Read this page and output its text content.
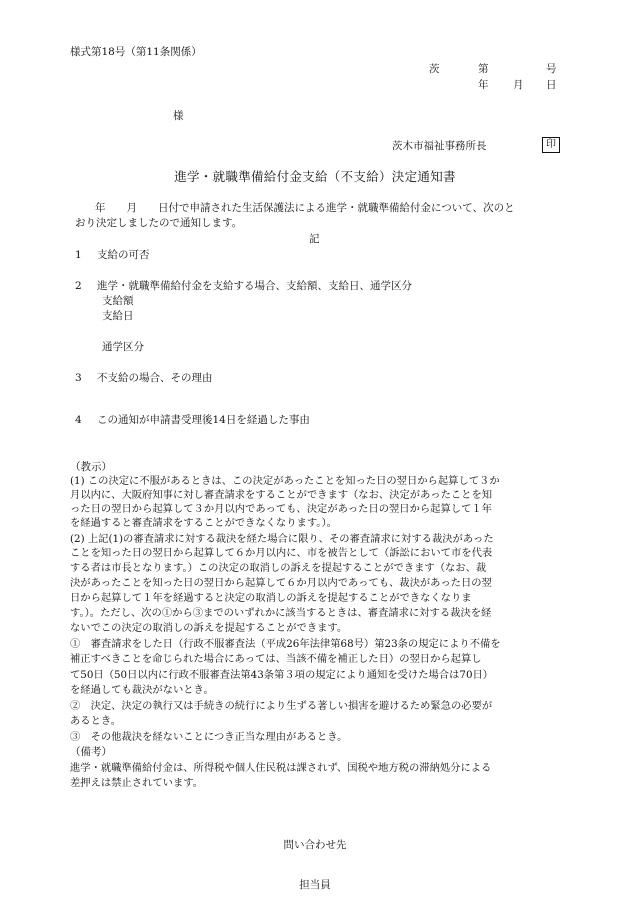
様式第18号（第11条関係）
茨	第	号
年 月 日
様
茨木市福祉事務所長	印
進学・就職準備給付金支給（不支給）決定通知書
年　　月　　日付で申請された生活保護法による進学・就職準備給付金について、次のと
おり決定しましたので通知します。
記
1 支給の可否
2 進学・就職準備給付金を支給する場合、支給額、支給日、通学区分
支給額
支給日
通学区分
3 不支給の場合、その理由
4 この通知が申請書受理後14日を経過した事由
（教示）
(1) この決定に不服があるときは、この決定があったことを知った日の翌日から起算して３か
月以内に、大阪府知事に対し審査請求をすることができます（なお、決定があったことを知
った日の翌日から起算して３か月以内であっても、決定があった日の翌日から起算して１年
を経過すると審査請求をすることができなくなります。）。
(2) 上記(1)の審査請求に対する裁決を経た場合に限り、その審査請求に対する裁決があった
ことを知った日の翌日から起算して６か月以内に、市を被告として（訴訟において市を代表
する者は市長となります。）この決定の取消しの訴えを提起することができます（なお、裁
決があったことを知った日の翌日から起算して６か月以内であっても、裁決があった日の翌
日から起算して１年を経過すると決定の取消しの訴えを提起することができなくなりま
す。）。ただし、次の①から③までのいずれかに該当するときは、審査請求に対する裁決を経
ないでこの決定の取消しの訴えを提起することができます。
①　審査請求をした日（行政不服審査法（平成26年法律第68号）第23条の規定により不備を
補正すべきことを命じられた場合にあっては、当該不備を補正した日）の翌日から起算し
て50日（50日以内に行政不服審査法第43条第３項の規定により通知を受けた場合は70日）
を経過しても裁決がないとき。
②　決定、決定の執行又は手続きの続行により生ずる著しい損害を避けるため緊急の必要が
あるとき。
③　その他裁決を経ないことにつき正当な理由があるとき。
（備考）
進学・就職準備給付金は、所得税や個人住民税は課されず、国税や地方税の滞納処分による
差押えは禁止されています。
問い合わせ先
担当員
